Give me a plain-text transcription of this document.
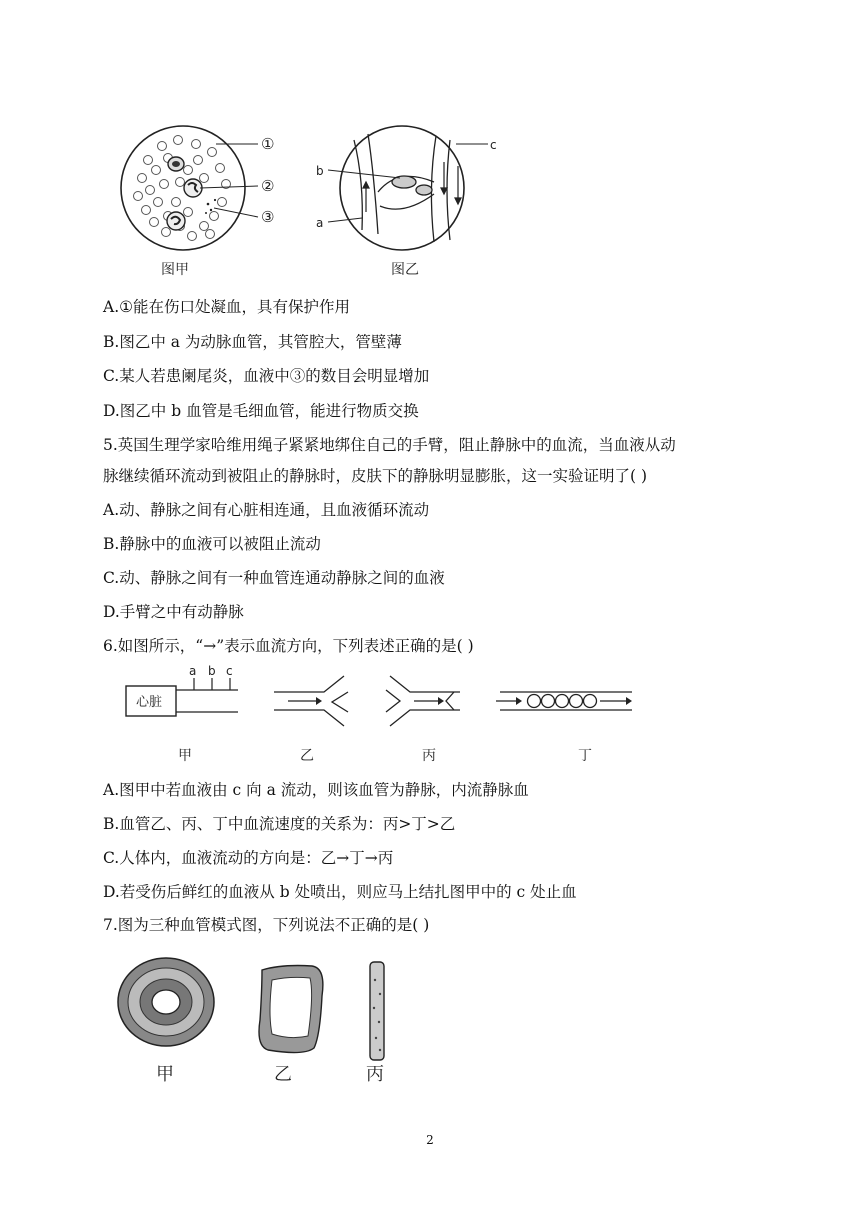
①
②
③
图甲
b
a
c
图乙
A.①能在伤口处凝血，具有保护作用
B.图乙中 a 为动脉血管，其管腔大，管壁薄
C.某人若患阑尾炎，血液中③的数目会明显增加
D.图乙中 b 血管是毛细血管，能进行物质交换
5.英国生理学家哈维用绳子紧紧地绑住自己的手臂，阻止静脉中的血流，当血液从动
脉继续循环流动到被阻止的静脉时，皮肤下的静脉明显膨胀，这一实验证明了( )
A.动、静脉之间有心脏相连通，且血液循环流动
B.静脉中的血液可以被阻止流动
C.动、静脉之间有一种血管连通动静脉之间的血液
D.手臂之中有动静脉
6.如图所示，“→”表示血流方向，下列表述正确的是( )
心脏
a b c
甲	乙	丙	丁
A.图甲中若血液由 c 向 a 流动，则该血管为静脉，内流静脉血
B.血管乙、丙、丁中血流速度的关系为：丙>丁>乙
C.人体内，血液流动的方向是：乙→丁→丙
D.若受伤后鲜红的血液从 b 处喷出，则应马上结扎图甲中的 c 处止血
7.图为三种血管模式图，下列说法不正确的是( )
甲	乙	丙
2
